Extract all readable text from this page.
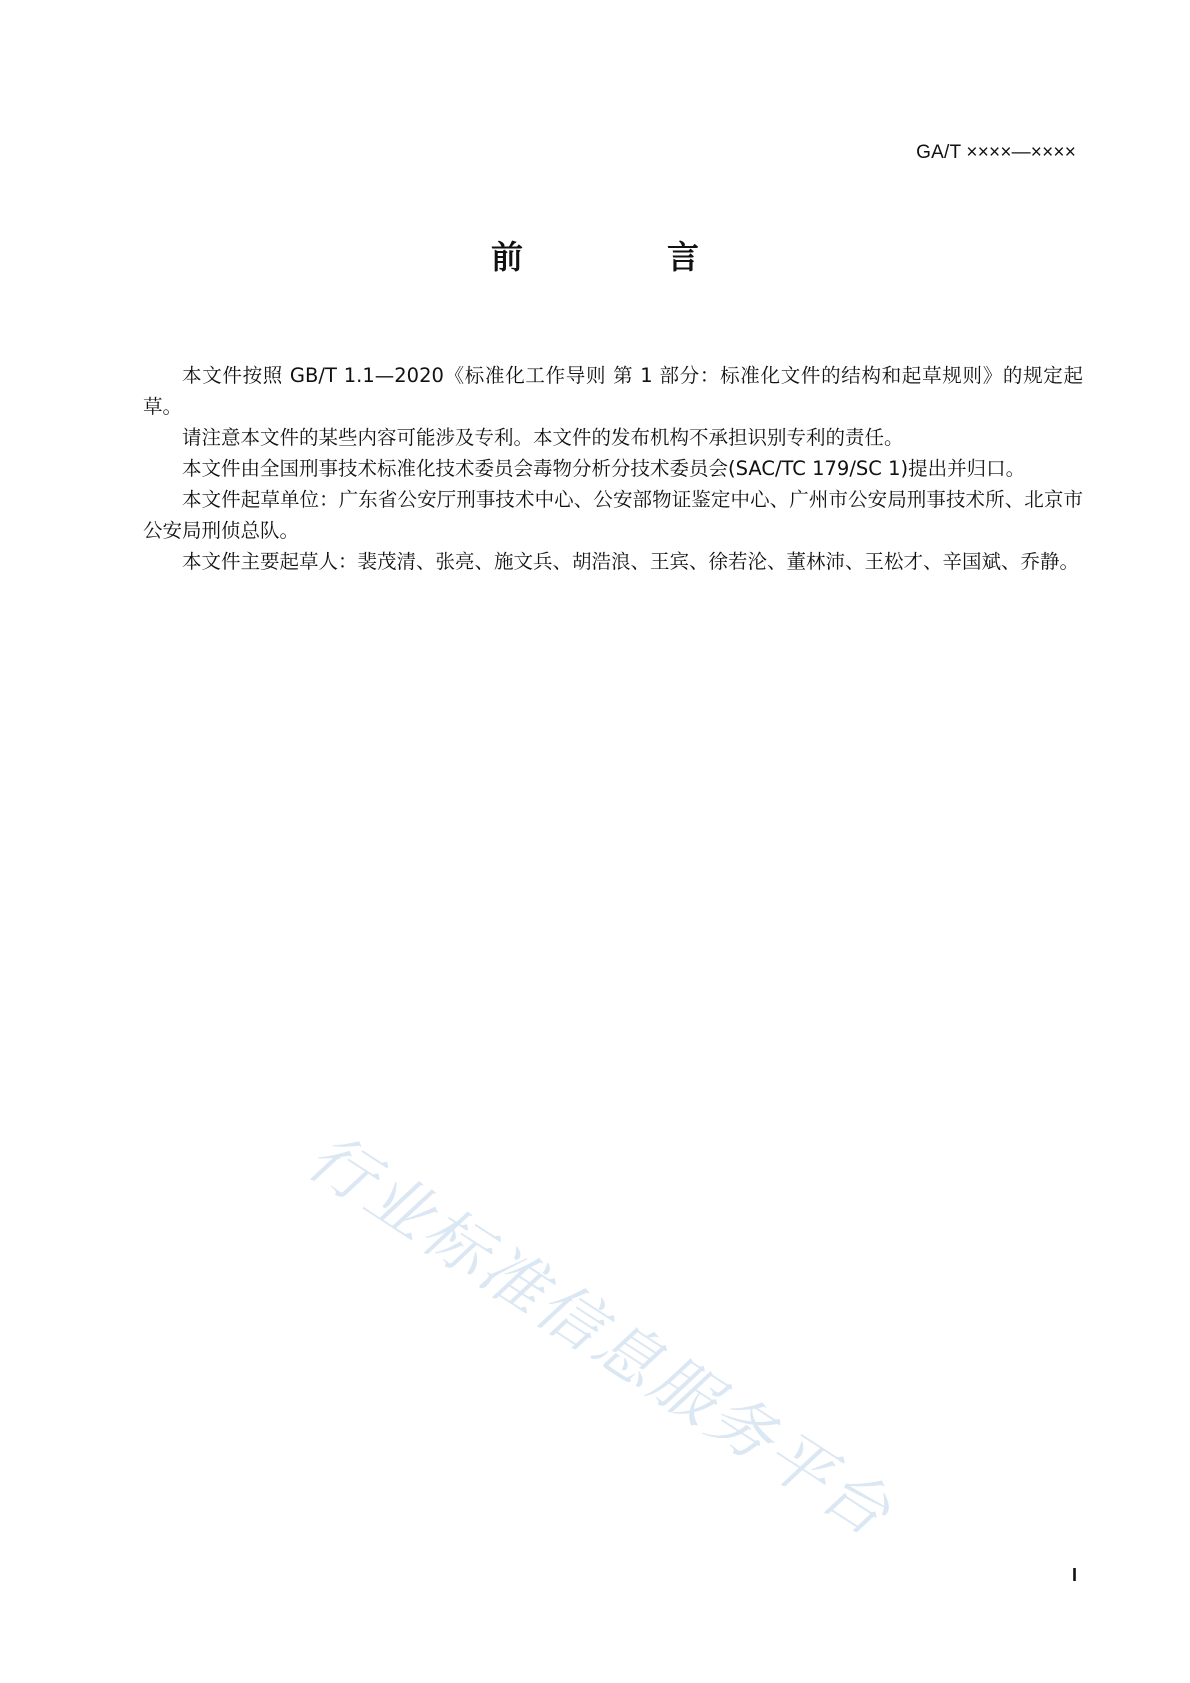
GA/T ××××—××××
前　言

本文件按照 GB/T 1.1—2020《标准化工作导则 第 1 部分：标准化文件的结构和起草规则》的规定起草。

请注意本文件的某些内容可能涉及专利。本文件的发布机构不承担识别专利的责任。

本文件由全国刑事技术标准化技术委员会毒物分析分技术委员会(SAC/TC 179/SC 1)提出并归口。

本文件起草单位：广东省公安厅刑事技术中心、公安部物证鉴定中心、广州市公安局刑事技术所、北京市公安局刑侦总队。

本文件主要起草人：裴茂清、张亮、施文兵、胡浩浪、王宾、徐若沦、董林沛、王松才、辛国斌、乔静。

行业标准信息服务平台
I
